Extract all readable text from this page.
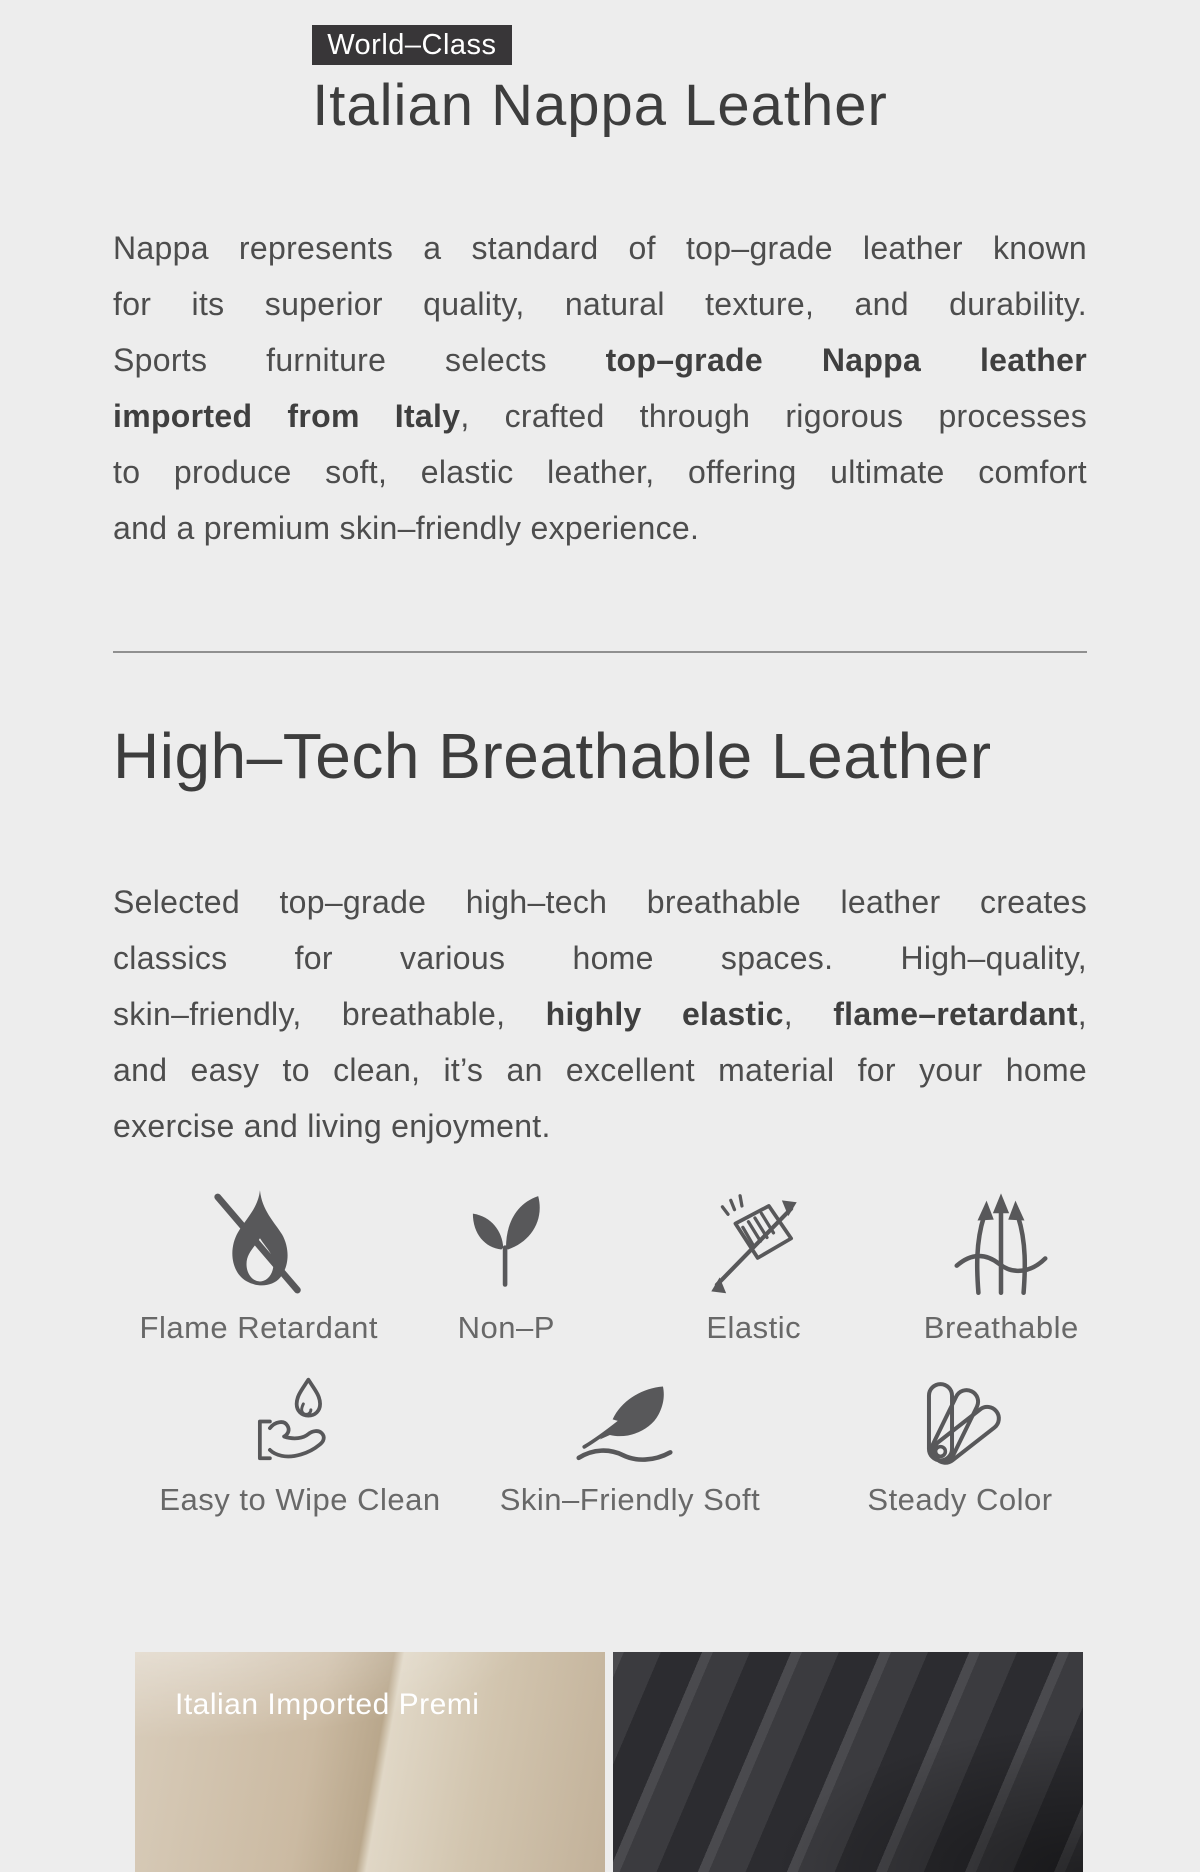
World–Class
Italian Nappa Leather
Nappa represents a standard of top–grade leather known
for its superior quality, natural texture, and durability.
Sports furniture selects top–grade Nappa leather
imported from Italy, crafted through rigorous processes
to produce soft, elastic leather, offering ultimate comfort
and a premium skin–friendly experience.
High–Tech Breathable Leather
Selected top–grade high–tech breathable leather creates
classics for various home spaces. High–quality,
skin–friendly, breathable, highly elastic, flame–retardant,
and easy to clean, it’s an excellent material for your home
exercise and living enjoyment.
Flame Retardant	Non–P	Elastic	Breathable
Easy to Wipe Clean Skin–Friendly Soft	Steady Color
Italian Imported Premi
